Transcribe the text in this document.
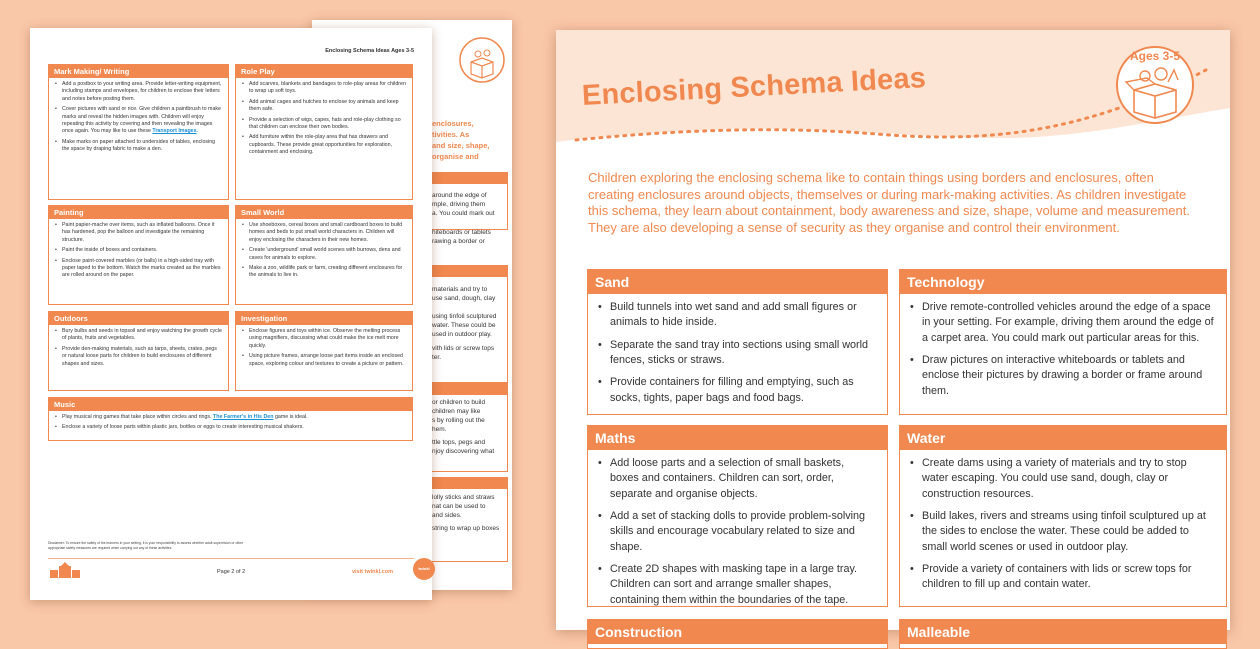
enclosures,
tivities. As
and size, shape,
organise and
around the edge of
mple, driving them
a. You could mark out
hiteboards or tablets
rawing a border or
materials and try to
use sand, dough, clay
using tinfoil sculptured
water. These could be
used in outdoor play.
vith lids or screw tops
ter.
or children to build
children may like
s by rolling out the
hem.
ttle tops, pegs and
njoy discovering what
lolly sticks and straws
nat can be used to
and sides.
string to wrap up boxes
Enclosing Schema Ideas Ages 3-5
Mark Making/ Writing
• Add a postbox to your writing area. Provide letter-writing equipment, including stamps and envelopes, for children to enclose their letters and notes before posting them.
• Cover pictures with sand or rice. Give children a paintbrush to make marks and reveal the hidden images with. Children will enjoy repeating this activity by covering and then revealing the images once again. You may like to use these Transport Images.
• Make marks on paper attached to undersides of tables, enclosing the space by draping fabric to make a den.
Role Play
• Add scarves, blankets and bandages to role-play areas for children to wrap up soft toys.
• Add animal cages and hutches to enclose toy animals and keep them safe.
• Provide a selection of wigs, capes, hats and role-play clothing so that children can enclose their own bodies.
• Add furniture within the role-play area that has drawers and cupboards. These provide great opportunities for exploration, containment and enclosing.
Painting
• Paint papier-mache over items, such as inflated balloons. Once it has hardened, pop the balloon and investigate the remaining structure.
• Paint the inside of boxes and containers.
• Enclose paint-covered marbles (or balls) in a high-sided tray with paper taped to the bottom. Watch the marks created as the marbles are rolled around on the paper.
Small World
• Use shoeboxes, cereal boxes and small cardboard boxes to build homes and beds to put small world characters in. Children will enjoy enclosing the characters in their new homes.
• Create 'underground' small world scenes with burrows, dens and caves for animals to explore.
• Make a zoo, wildlife park or farm, creating different enclosures for the animals to live in.
Outdoors
• Bury bulbs and seeds in topsoil and enjoy watching the growth cycle of plants, fruits and vegetables.
• Provide den-making materials, such as tarps, sheets, crates, pegs or natural loose parts for children to build enclosures of different shapes and sizes.
Investigation
• Enclose figures and toys within ice. Observe the melting process using magnifiers, discussing what could make the ice melt more quickly.
• Using picture frames, arrange loose part items inside an enclosed space, exploring colour and textures to create a picture or pattern.
Music
• Play musical ring games that take place within circles and rings. The Farmer's in His Den game is ideal.
• Enclose a variety of loose parts within plastic jars, bottles or eggs to create interesting musical shakers.
Disclaimer: To ensure the safety of the learners in your setting, it is your responsibility to assess whether adult supervision or other appropriate safety measures are required when carrying out any of these activities.
Page 2 of 2	visit twinkl.com
twinkl
Enclosing Schema Ideas
Ages 3-5
Children exploring the enclosing schema like to contain things using borders and enclosures, often creating enclosures around objects, themselves or during mark-making activities. As children investigate this schema, they learn about containment, body awareness and size, shape, volume and measurement. They are also developing a sense of security as they organise and control their environment.
Sand
• Build tunnels into wet sand and add small figures or animals to hide inside.
• Separate the sand tray into sections using small world fences, sticks or straws.
• Provide containers for filling and emptying, such as socks, tights, paper bags and food bags.
Technology
• Drive remote-controlled vehicles around the edge of a space in your setting. For example, driving them around the edge of a carpet area. You could mark out particular areas for this.
• Draw pictures on interactive whiteboards or tablets and enclose their pictures by drawing a border or frame around them.
Maths
• Add loose parts and a selection of small baskets, boxes and containers. Children can sort, order, separate and organise objects.
• Add a set of stacking dolls to provide problem-solving skills and encourage vocabulary related to size and shape.
• Create 2D shapes with masking tape in a large tray. Children can sort and arrange smaller shapes, containing them within the boundaries of the tape.
Water
• Create dams using a variety of materials and try to stop water escaping. You could use sand, dough, clay or construction resources.
• Build lakes, rivers and streams using tinfoil sculptured up at the sides to enclose the water. These could be added to small world scenes or used in outdoor play.
• Provide a variety of containers with lids or screw tops for children to fill up and contain water.
Construction	Malleable
